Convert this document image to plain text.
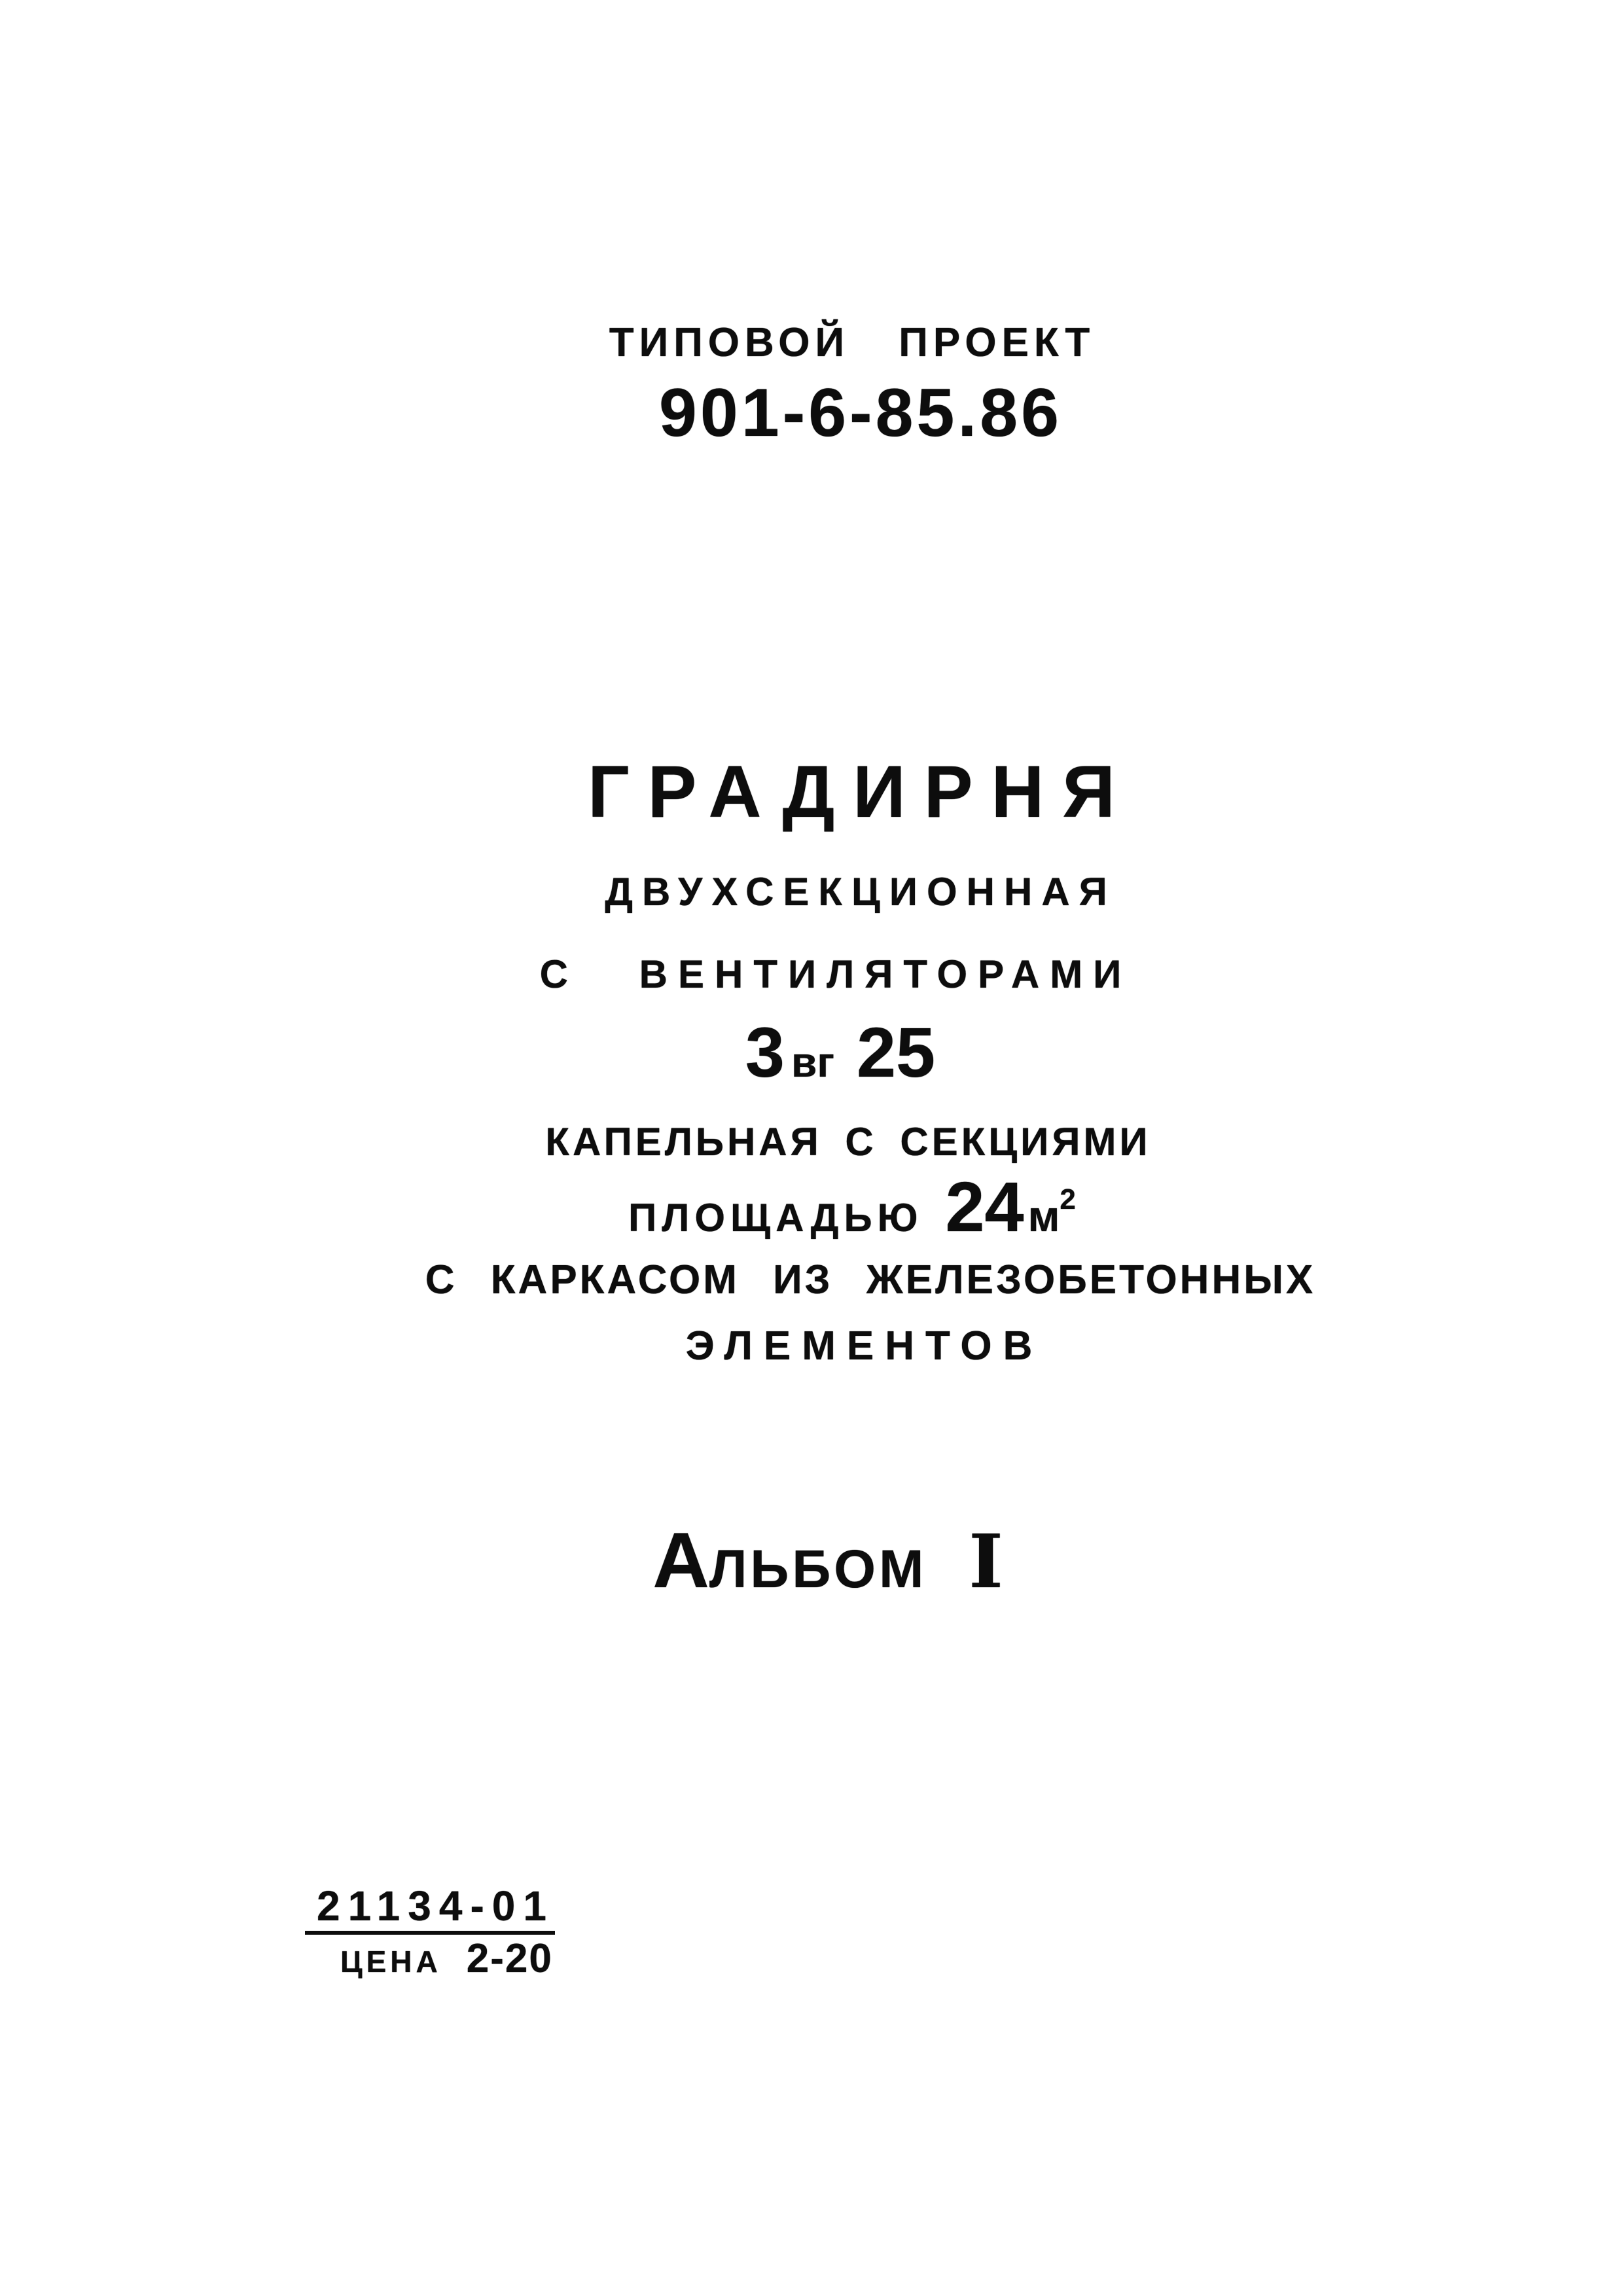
ТИПОВОЙ ПРОЕКТ
901-6-85.86
ГРАДИРНЯ
ДВУХСЕКЦИОННАЯ
С ВЕНТИЛЯТОРАМИ
3 вг 25
КАПЕЛЬНАЯ С СЕКЦИЯМИ
ПЛОЩАДЬЮ $24м^2$
С КАРКАСОМ ИЗ ЖЕЛЕЗОБЕТОННЫХ
ЭЛЕМЕНТОВ
АЛЬБОМ I
21134-01
ЦЕНА 2-20
